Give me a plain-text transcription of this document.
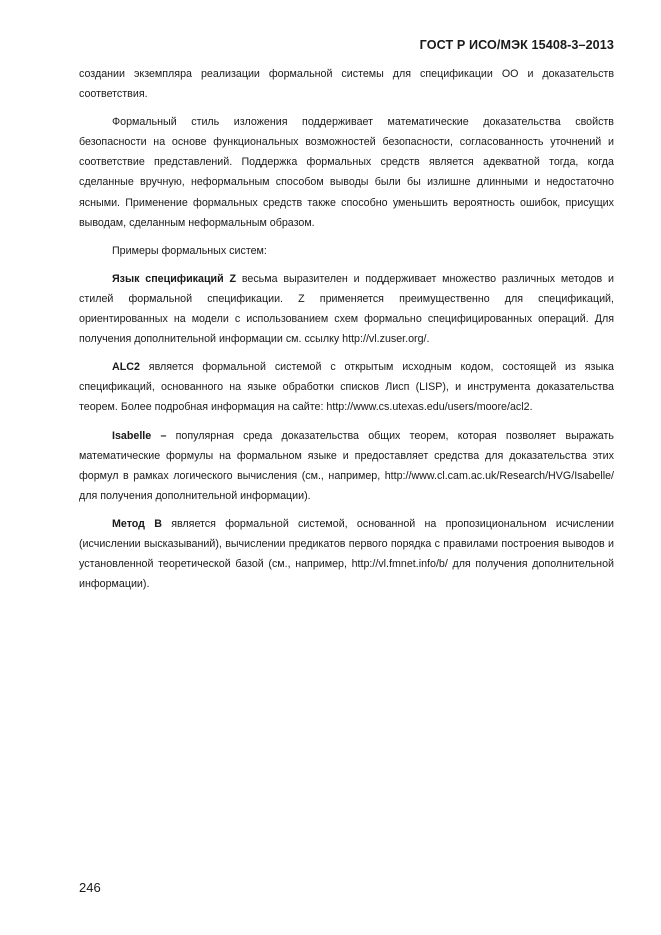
ГОСТ Р ИСО/МЭК 15408-3–2013

создании экземпляра реализации формальной системы для спецификации ОО и доказательств соответствия.

Формальный стиль изложения поддерживает математические доказательства свойств безопасности на основе функциональных возможностей безопасности, согласованность уточнений и соответствие представлений. Поддержка формальных средств является адекватной тогда, когда сделанные вручную, неформальным способом выводы были бы излишне длинными и недостаточно ясными. Применение формальных средств также способно уменьшить вероятность ошибок, присущих выводам, сделанным неформальным образом.

Примеры формальных систем:

Язык спецификаций Z весьма выразителен и поддерживает множество различных методов и стилей формальной спецификации. Z применяется преимущественно для спецификаций, ориентированных на модели с использованием схем формально специфицированных операций. Для получения дополнительной информации см. ссылку http://vl.zuser.org/.

ALC2 является формальной системой с открытым исходным кодом, состоящей из языка спецификаций, основанного на языке обработки списков Лисп (LISP), и инструмента доказательства теорем. Более подробная информация на сайте: http://www.cs.utexas.edu/users/moore/acl2.

Isabelle – популярная среда доказательства общих теорем, которая позволяет выражать математические формулы на формальном языке и предоставляет средства для доказательства этих формул в рамках логического вычисления (см., например, http://www.cl.cam.ac.uk/Research/HVG/Isabelle/ для получения дополнительной информации).

Метод В является формальной системой, основанной на пропозициональном исчислении (исчислении высказываний), вычислении предикатов первого порядка с правилами построения выводов и установленной теоретической базой (см., например, http://vl.fmnet.info/b/ для получения дополнительной информации).

246
